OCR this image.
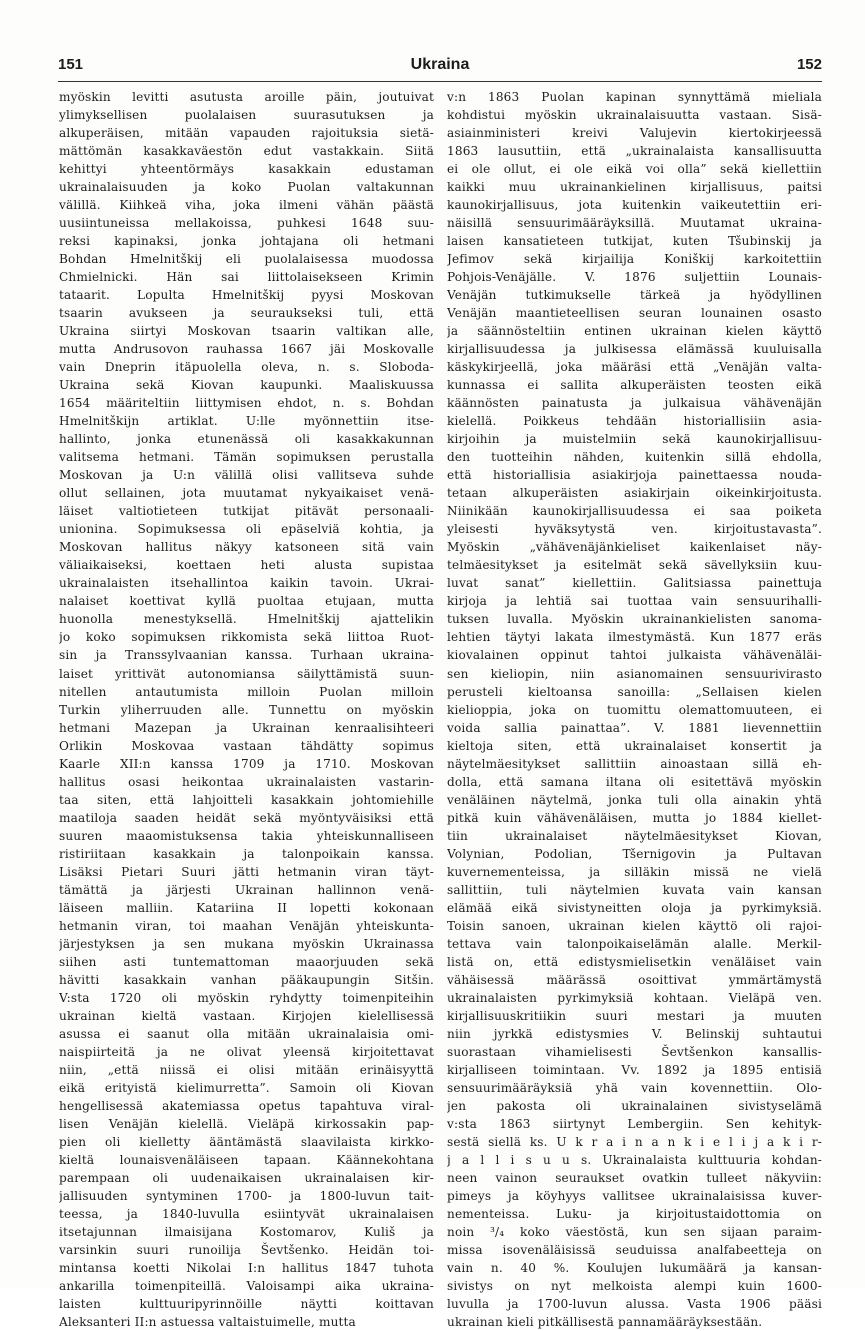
151	Ukraina	152
myöskin levitti asutusta aroille päin, joutuivat
ylimyksellisen puolalaisen suurasutuksen ja
alkuperäisen, mitään vapauden rajoituksia sietä-
mättömän kasakkaväestön edut vastakkain. Siitä
kehittyi yhteentörmäys kasakkain edustaman
ukrainalaisuuden ja koko Puolan valtakunnan
välillä. Kiihkeä viha, joka ilmeni vähän päästä
uusiintuneissa mellakoissa, puhkesi 1648 suu-
reksi kapinaksi, jonka johtajana oli hetmani
Bohdan Hmelnitškij eli puolalaisessa muodossa
Chmielnicki. Hän sai liittolaisekseen Krimin
tataarit. Lopulta Hmelnitškij pyysi Moskovan
tsaarin avukseen ja seuraukseksi tuli, että
Ukraina siirtyi Moskovan tsaarin valtikan alle,
mutta Andrusovon rauhassa 1667 jäi Moskovalle
vain Dneprin itäpuolella oleva, n. s. Sloboda-
Ukraina sekä Kiovan kaupunki. Maaliskuussa
1654 määriteltiin liittymisen ehdot, n. s. Bohdan
Hmelnitškijn artiklat. U:lle myönnettiin itse-
hallinto, jonka etunenässä oli kasakkakunnan
valitsema hetmani. Tämän sopimuksen perustalla
Moskovan ja U:n välillä olisi vallitseva suhde
ollut sellainen, jota muutamat nykyaikaiset venä-
läiset valtiotieteen tutkijat pitävät personaali-
unionina. Sopimuksessa oli epäselviä kohtia, ja
Moskovan hallitus näkyy katsoneen sitä vain
väliaikaiseksi, koettaen heti alusta supistaa
ukrainalaisten itsehallintoa kaikin tavoin. Ukrai-
nalaiset koettivat kyllä puoltaa etujaan, mutta
huonolla menestyksellä. Hmelnitškij ajattelikin
jo koko sopimuksen rikkomista sekä liittoa Ruot-
sin ja Transsylvaanian kanssa. Turhaan ukraina-
laiset yrittivät autonomiansa säilyttämistä suun-
nitellen antautumista milloin Puolan milloin
Turkin yliherruuden alle. Tunnettu on myöskin
hetmani Mazepan ja Ukrainan kenraalisihteeri
Orlikin Moskovaa vastaan tähdätty sopimus
Kaarle XII:n kanssa 1709 ja 1710. Moskovan
hallitus osasi heikontaa ukrainalaisten vastarin-
taa siten, että lahjoitteli kasakkain johtomiehille
maatiloja saaden heidät sekä myöntyväisiksi että
suuren maaomistuksensa takia yhteiskunnalliseen
ristiriitaan kasakkain ja talonpoikain kanssa.
Lisäksi Pietari Suuri jätti hetmanin viran täyt-
tämättä ja järjesti Ukrainan hallinnon venä-
läiseen malliin. Katariina II lopetti kokonaan
hetmanin viran, toi maahan Venäjän yhteiskunta-
järjestyksen ja sen mukana myöskin Ukrainassa
siihen asti tuntemattoman maaorjuuden sekä
hävitti kasakkain vanhan pääkaupungin Sitšin.
V:sta 1720 oli myöskin ryhdytty toimenpiteihin
ukrainan kieltä vastaan. Kirjojen kielellisessä
asussa ei saanut olla mitään ukrainalaisia omi-
naispiirteitä ja ne olivat yleensä kirjoitettavat
niin, „että niissä ei olisi mitään erinäisyyttä
eikä erityistä kielimurretta”. Samoin oli Kiovan
hengellisessä akatemiassa opetus tapahtuva viral-
lisen Venäjän kielellä. Vieläpä kirkossakin pap-
pien oli kielletty ääntämästä slaavilaista kirkko-
kieltä lounaisvenäläiseen tapaan. Käännekohtana
parempaan oli uudenaikaisen ukrainalaisen kir-
jallisuuden syntyminen 1700- ja 1800-luvun tait-
teessa, ja 1840-luvulla esiintyvät ukrainalaisen
itsetajunnan ilmaisijana Kostomarov, Kuliš ja
varsinkin suuri runoilija Ševtšenko. Heidän toi-
mintansa koetti Nikolai I:n hallitus 1847 tuhota
ankarilla toimenpiteillä. Valoisampi aika ukraina-
laisten kulttuuripyrinnöille näytti koittavan
Aleksanteri II:n astuessa valtaistuimelle, mutta
v:n 1863 Puolan kapinan synnyttämä mieliala
kohdistui myöskin ukrainalaisuutta vastaan. Sisä-
asiainministeri kreivi Valujevin kiertokirjeessä
1863 lausuttiin, että „ukrainalaista kansallisuutta
ei ole ollut, ei ole eikä voi olla” sekä kiellettiin
kaikki muu ukrainankielinen kirjallisuus, paitsi
kaunokirjallisuus, jota kuitenkin vaikeutettiin eri-
näisillä sensuurimääräyksillä. Muutamat ukraina-
laisen kansatieteen tutkijat, kuten Tšubinskij ja
Jefimov sekä kirjailija Koniškij karkoitettiin
Pohjois-Venäjälle. V. 1876 suljettiin Lounais-
Venäjän tutkimukselle tärkeä ja hyödyllinen
Venäjän maantieteellisen seuran lounainen osasto
ja säännösteltiin entinen ukrainan kielen käyttö
kirjallisuudessa ja julkisessa elämässä kuuluisalla
käskykirjeellä, joka määräsi että „Venäjän valta-
kunnassa ei sallita alkuperäisten teosten eikä
käännösten painatusta ja julkaisua vähävenäjän
kielellä. Poikkeus tehdään historiallisiin asia-
kirjoihin ja muistelmiin sekä kaunokirjallisuu-
den tuotteihin nähden, kuitenkin sillä ehdolla,
että historiallisia asiakirjoja painettaessa nouda-
tetaan alkuperäisten asiakirjain oikeinkirjoitusta.
Niinikään kaunokirjallisuudessa ei saa poiketa
yleisesti hyväksytystä ven. kirjoitustavasta”.
Myöskin „vähävenäjänkieliset kaikenlaiset näy-
telmäesitykset ja esitelmät sekä sävellyksiin kuu-
luvat sanat” kiellettiin. Galitsiassa painettuja
kirjoja ja lehtiä sai tuottaa vain sensuurihalli-
tuksen luvalla. Myöskin ukrainankielisten sanoma-
lehtien täytyi lakata ilmestymästä. Kun 1877 eräs
kiovalainen oppinut tahtoi julkaista vähävenäläi-
sen kieliopin, niin asianomainen sensuurivirasto
perusteli kieltoansa sanoilla: „Sellaisen kielen
kielioppia, joka on tuomittu olemattomuuteen, ei
voida sallia painattaa”. V. 1881 lievennettiin
kieltoja siten, että ukrainalaiset konsertit ja
näytelmäesitykset sallittiin ainoastaan sillä eh-
dolla, että samana iltana oli esitettävä myöskin
venäläinen näytelmä, jonka tuli olla ainakin yhtä
pitkä kuin vähävenäläisen, mutta jo 1884 kiellet-
tiin ukrainalaiset näytelmäesitykset Kiovan,
Volynian, Podolian, Tšernigovin ja Pultavan
kuvernementeissa, ja silläkin missä ne vielä
sallittiin, tuli näytelmien kuvata vain kansan
elämää eikä sivistyneitten oloja ja pyrkimyksiä.
Toisin sanoen, ukrainan kielen käyttö oli rajoi-
tettava vain talonpoikaiselämän alalle. Merkil-
listä on, että edistysmielisetkin venäläiset vain
vähäisessä määrässä osoittivat ymmärtämystä
ukrainalaisten pyrkimyksiä kohtaan. Vieläpä ven.
kirjallisuuskritiikin suuri mestari ja muuten
niin jyrkkä edistysmies V. Belinskij suhtautui
suorastaan vihamielisesti Ševtšenkon kansallis-
kirjalliseen toimintaan. Vv. 1892 ja 1895 entisiä
sensuurimääräyksiä yhä vain kovennettiin. Olo-
jen pakosta oli ukrainalainen sivistyselämä
v:sta 1863 siirtynyt Lembergiin. Sen kehityk-
sestä siellä ks. U k r a i n a n k i e l i j a k i r-
j a l l i s u u s. Ukrainalaista kulttuuria kohdan-
neen vainon seuraukset ovatkin tulleet näkyviin:
pimeys ja köyhyys vallitsee ukrainalaisissa kuver-
nementeissa. Luku- ja kirjoitustaidottomia on
noin ³/₄ koko väestöstä, kun sen sijaan paraim-
missa isovenäläisissä seuduissa analfabeetteja on
vain n. 40 %. Koulujen lukumäärä ja kansan-
sivistys on nyt melkoista alempi kuin 1600-
luvulla ja 1700-luvun alussa. Vasta 1906 pääsi
ukrainan kieli pitkällisestä pannamääräyksestään.
